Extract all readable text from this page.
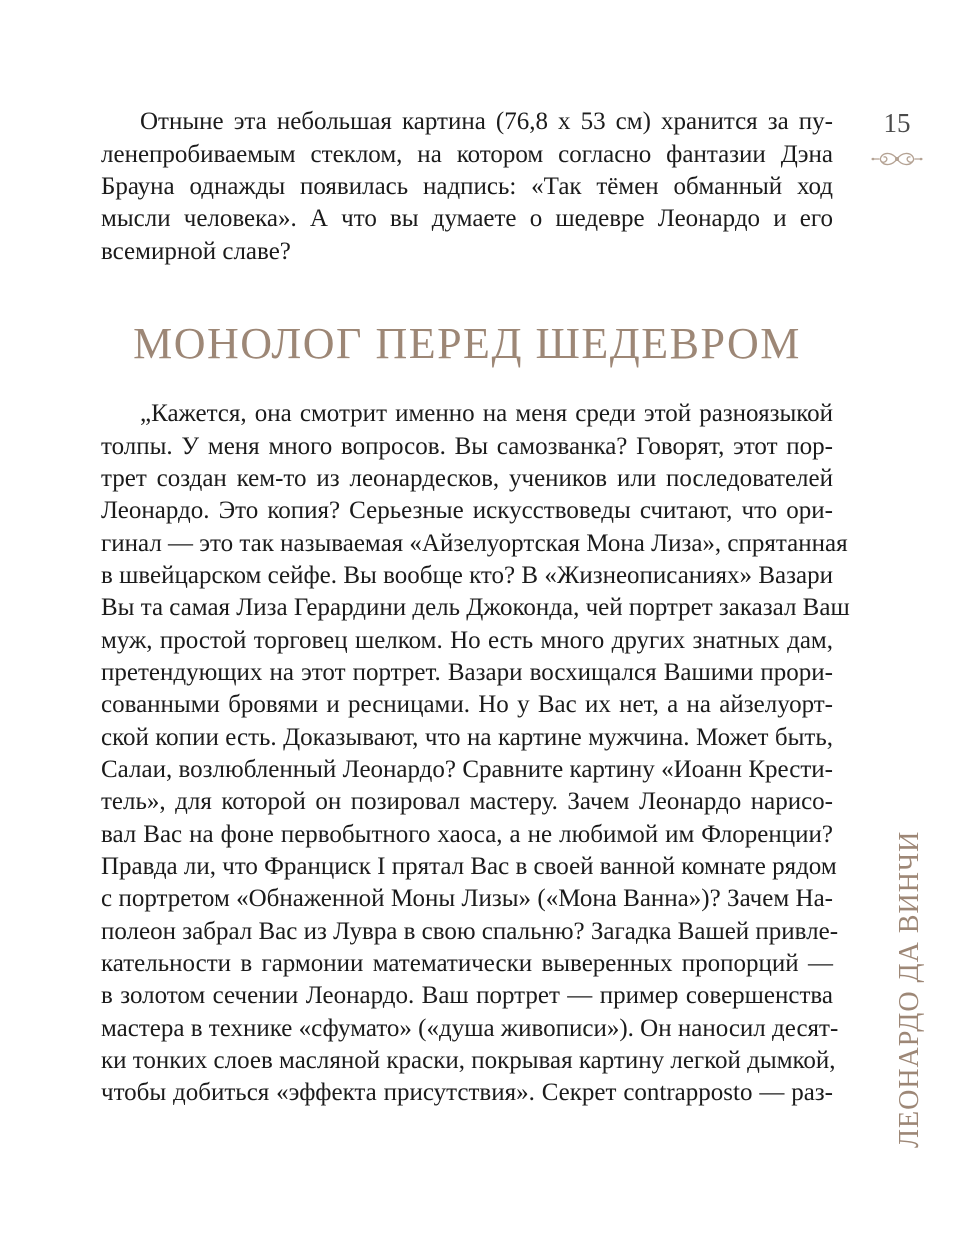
15
Отныне эта небольшая картина (76,8 х 53 см) хранится за пу-
ленепробиваемым стеклом, на котором согласно фантазии Дэна
Брауна однажды появилась надпись: «Так тёмен обманный ход
мысли человека». А что вы думаете о шедевре Леонардо и его
всемирной славе?
МОНОЛОГ ПЕРЕД ШЕДЕВРОМ
„Кажется, она смотрит именно на меня среди этой разноязыкой
толпы. У меня много вопросов. Вы самозванка? Говорят, этот пор-
трет создан кем-то из леонардесков, учеников или последователей
Леонардо. Это копия? Серьезные искусствоведы считают, что ори-
гинал — это так называемая «Айзелуортская Мона Лиза», спрятанная
в швейцарском сейфе. Вы вообще кто? В «Жизнеописаниях» Вазари
Вы та самая Лиза Герардини дель Джоконда, чей портрет заказал Ваш
муж, простой торговец шелком. Но есть много других знатных дам,
претендующих на этот портрет. Вазари восхищался Вашими прори-
сованными бровями и ресницами. Но у Вас их нет, а на айзелуорт-
ской копии есть. Доказывают, что на картине мужчина. Может быть,
Салаи, возлюбленный Леонардо? Сравните картину «Иоанн Крести-
тель», для которой он позировал мастеру. Зачем Леонардо нарисо-
вал Вас на фоне первобытного хаоса, а не любимой им Флоренции?
Правда ли, что Франциск I прятал Вас в своей ванной комнате рядом
с портретом «Обнаженной Моны Лизы» («Мона Ванна»)? Зачем На-
полеон забрал Вас из Лувра в свою спальню? Загадка Вашей привле-
кательности в гармонии математически выверенных пропорций —
в золотом сечении Леонардо. Ваш портрет — пример совершенства
мастера в технике «сфумато» («душа живописи»). Он наносил десят-
ки тонких слоев масляной краски, покрывая картину легкой дымкой,
чтобы добиться «эффекта присутствия». Секрет contrapposto — раз- ЛЕОНАРДО ДА ВИНЧИ
